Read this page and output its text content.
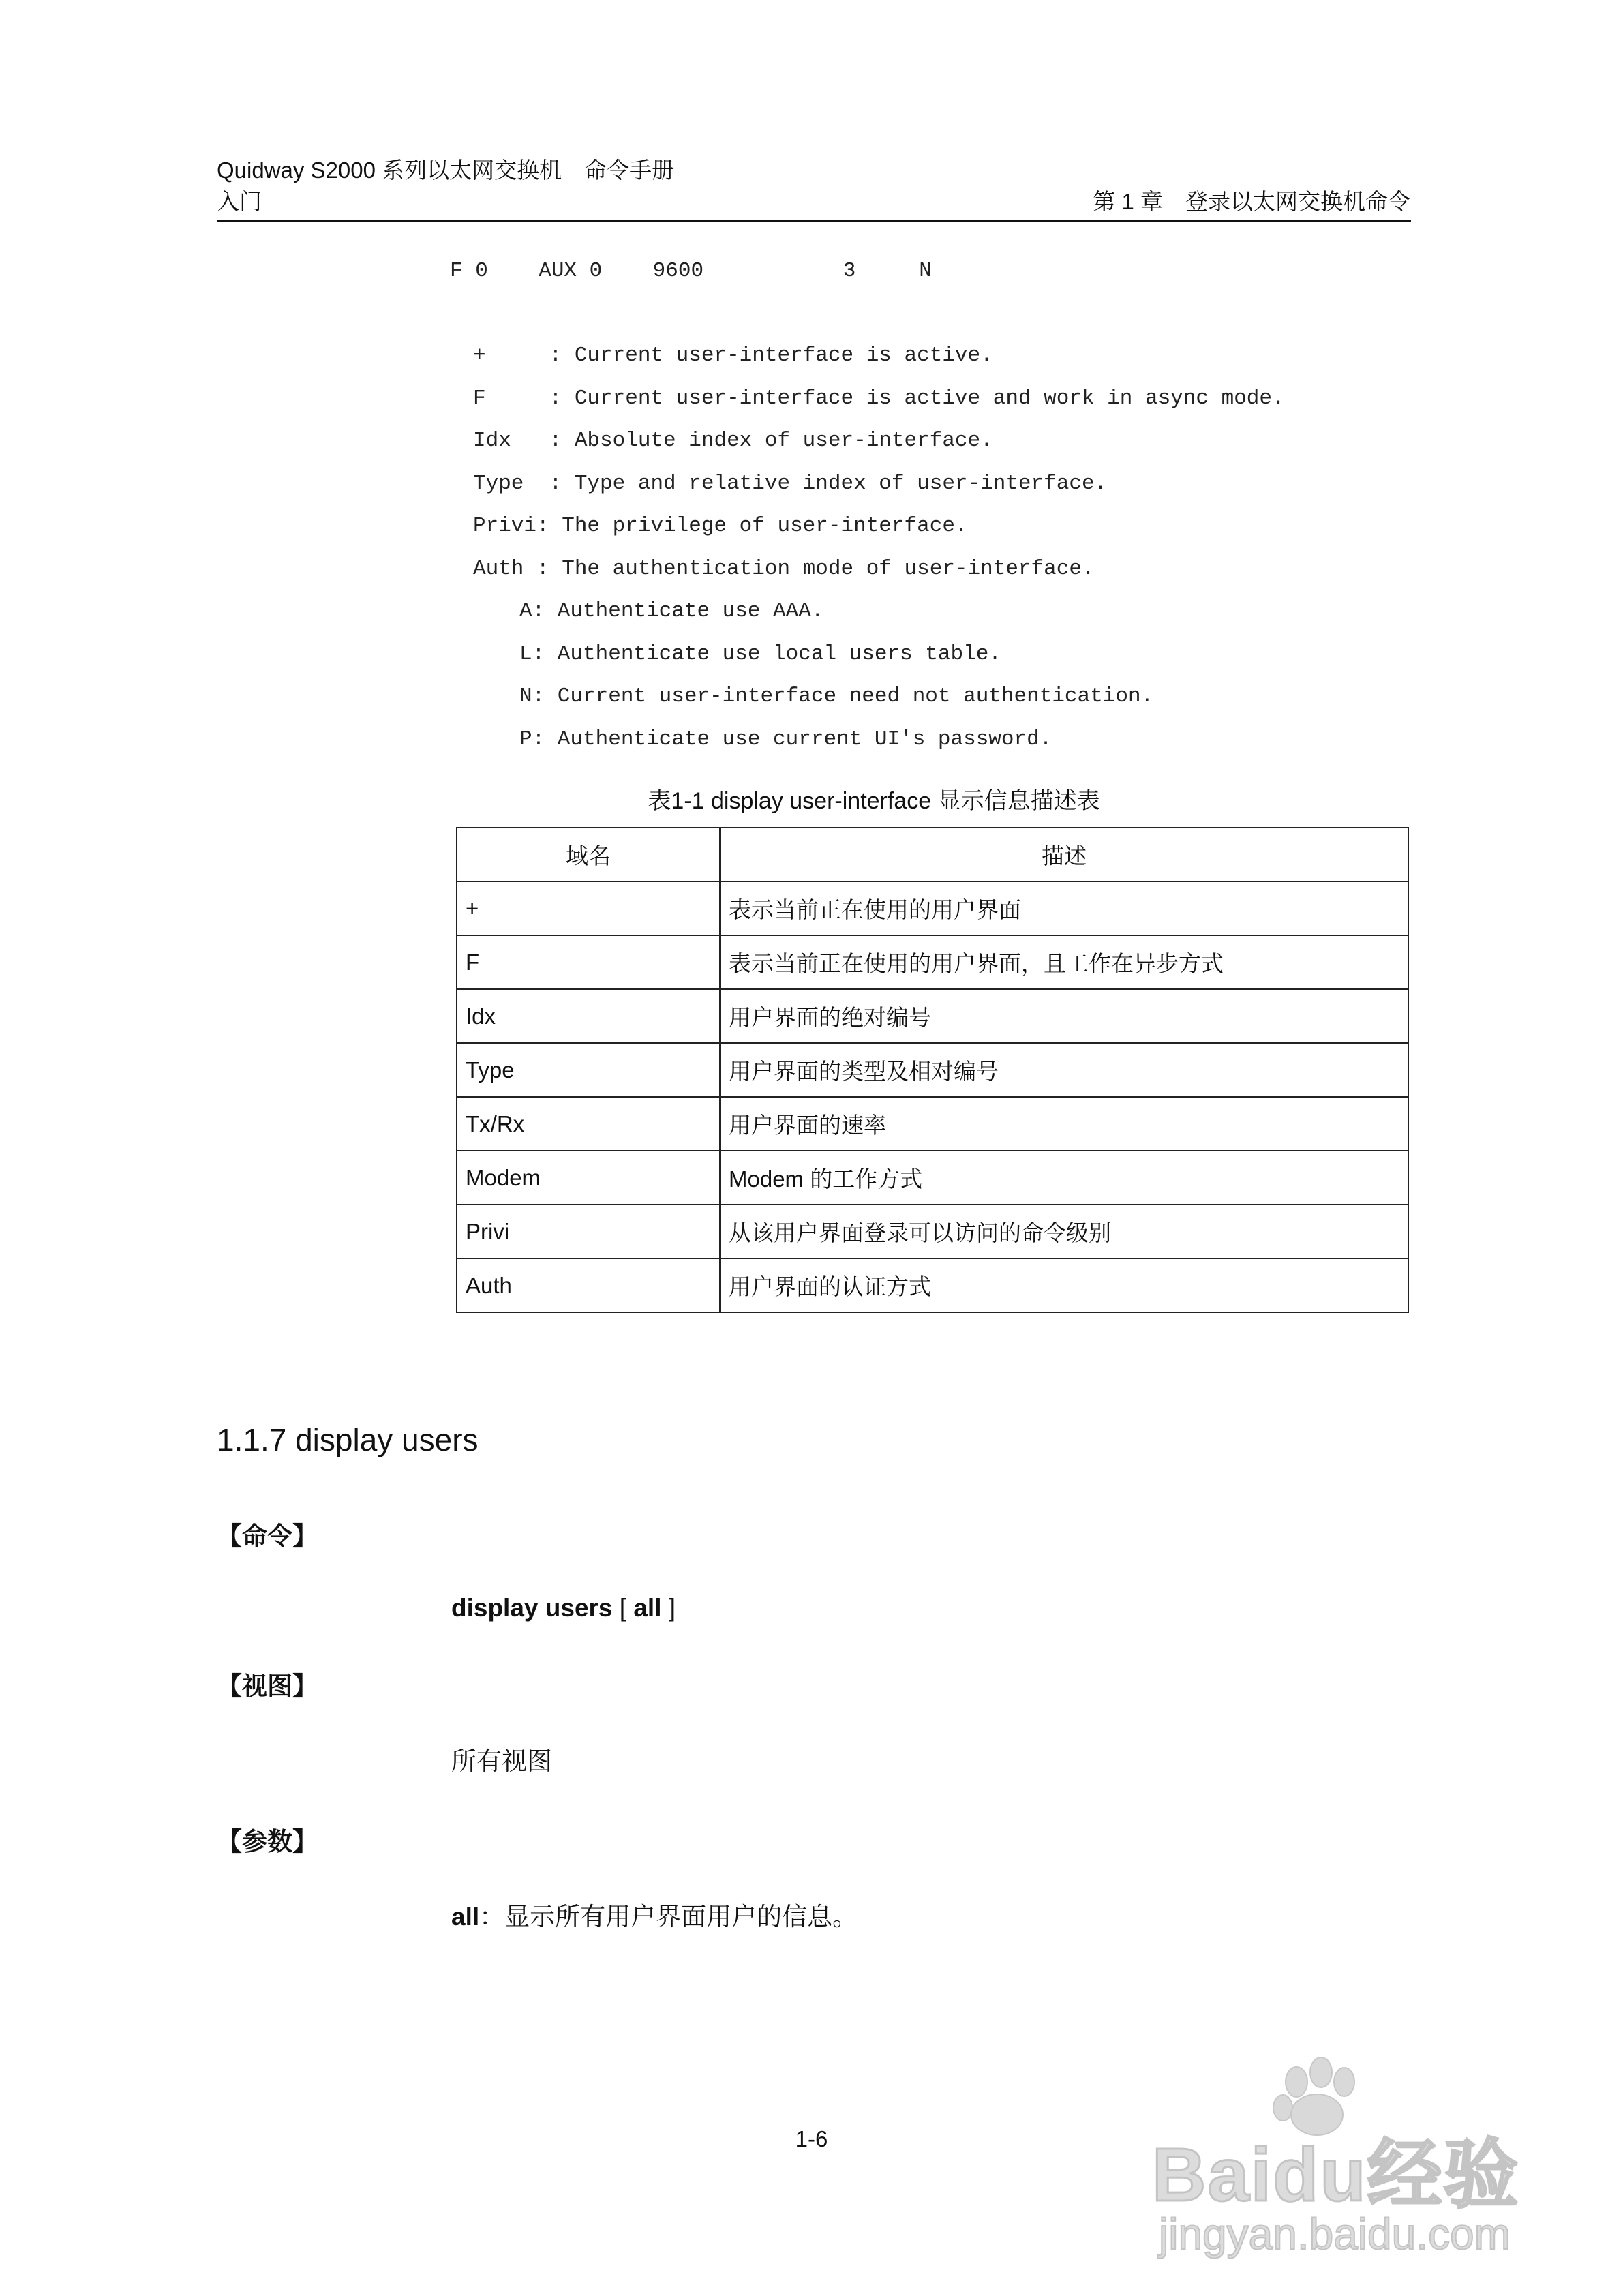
Quidway S2000 系列以太网交换机　命令手册
入门	第 1 章　登录以太网交换机命令
F 0    AUX 0    9600           3     N
+     : Current user-interface is active.
F     : Current user-interface is active and work in async mode.
Idx   : Absolute index of user-interface.
Type  : Type and relative index of user-interface.
Privi: The privilege of user-interface.
Auth : The authentication mode of user-interface.
A: Authenticate use AAA.
L: Authenticate use local users table.
N: Current user-interface need not authentication.
P: Authenticate use current UI's password.
表1-1 display user-interface 显示信息描述表
域名	描述
+	表示当前正在使用的用户界面
F	表示当前正在使用的用户界面，且工作在异步方式
Idx	用户界面的绝对编号
Type	用户界面的类型及相对编号
Tx/Rx	用户界面的速率
Modem	Modem 的工作方式
Privi	从该用户界面登录可以访问的命令级别
Auth	用户界面的认证方式
1.1.7 display users
【命令】
display users [ all ]
【视图】
所有视图
【参数】
all：显示所有用户界面用户的信息。
1-6	Baidu经验
jingyan.baidu.com
